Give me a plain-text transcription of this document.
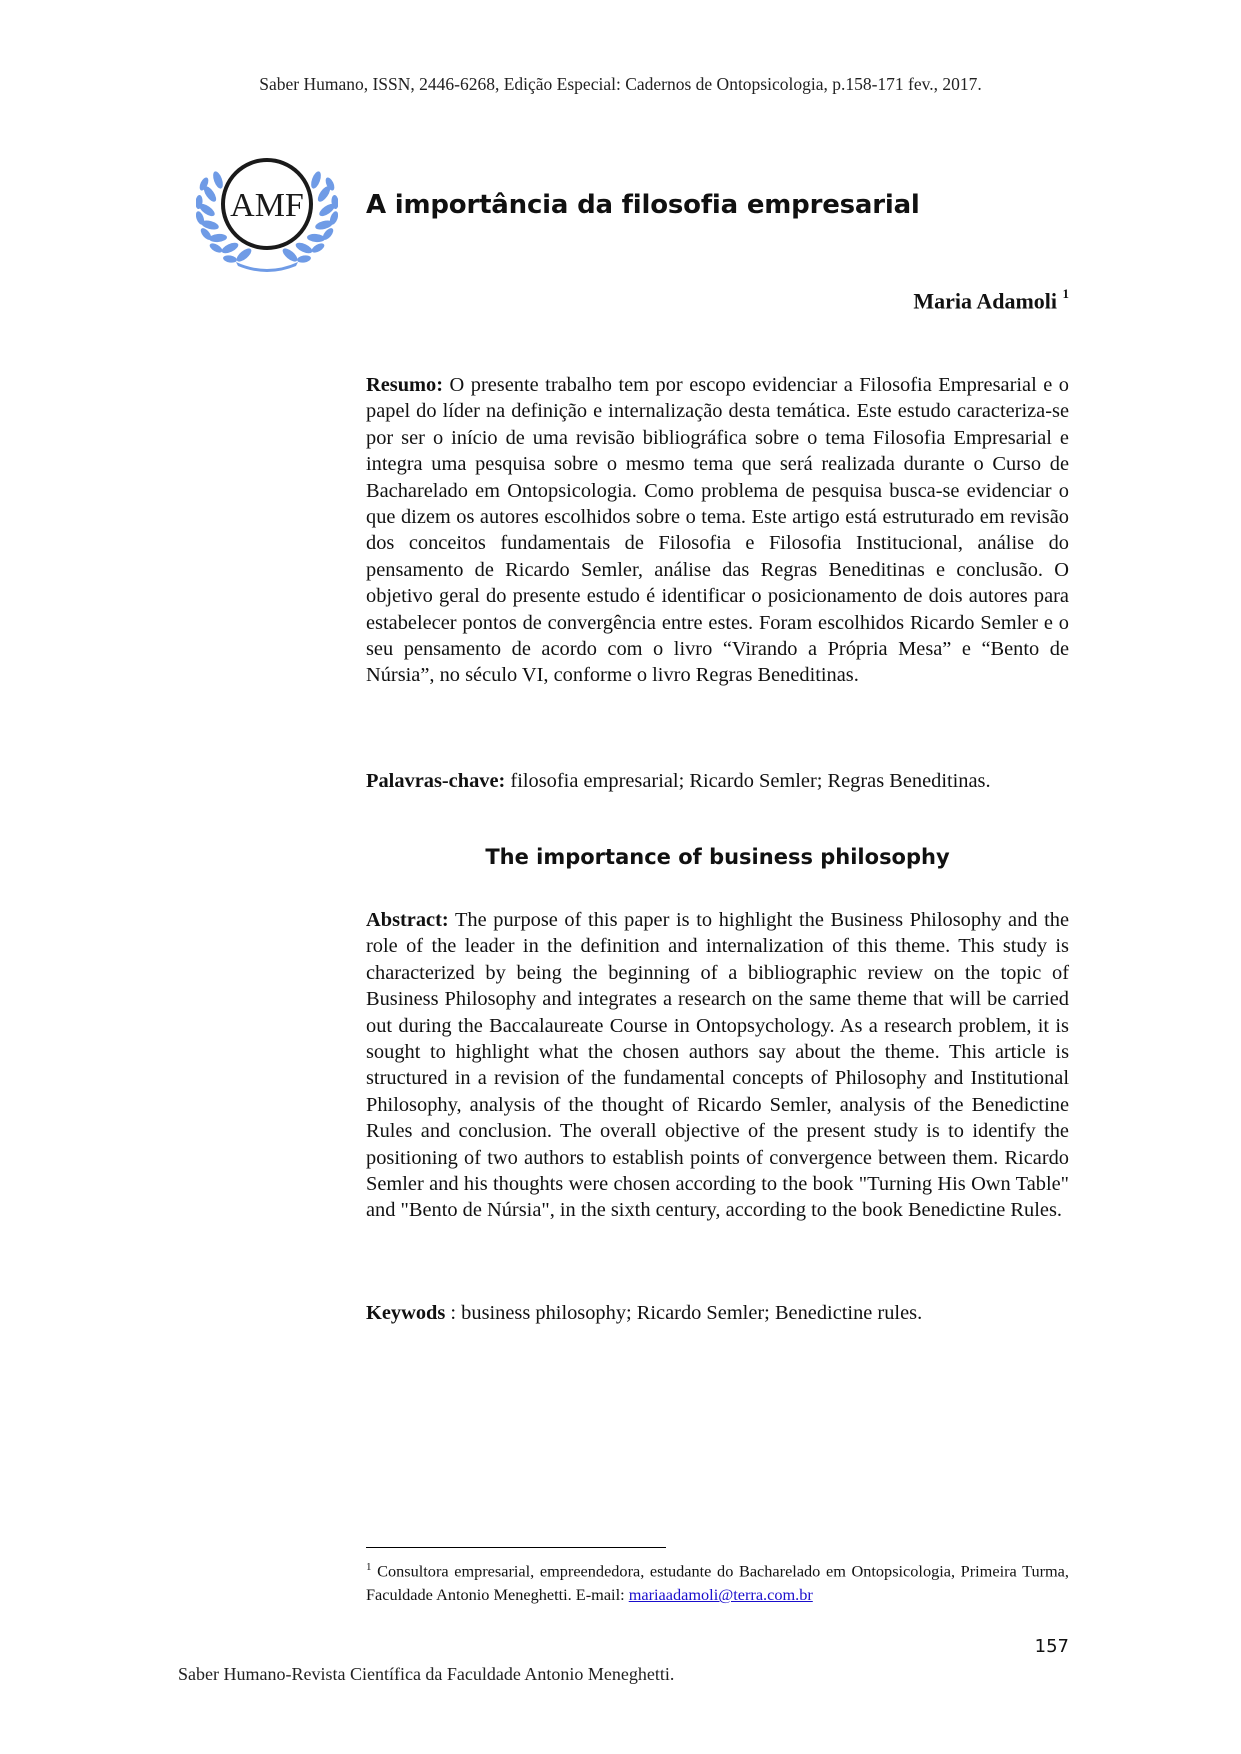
Saber Humano, ISSN, 2446-6268, Edição Especial: Cadernos de Ontopsicologia, p.158-171 fev., 2017.
AMF A importância da filosofia empresarial
Maria Adamoli $^1$
Resumo: O presente trabalho tem por escopo evidenciar a Filosofia Empresarial e o papel do líder na definição e internalização desta temática. Este estudo caracteriza-se por ser o início de uma revisão bibliográfica sobre o tema Filosofia Empresarial e integra uma pesquisa sobre o mesmo tema que será realizada durante o Curso de Bacharelado em Ontopsicologia. Como problema de pesquisa busca-se evidenciar o que dizem os autores escolhidos sobre o tema. Este artigo está estruturado em revisão dos conceitos fundamentais de Filosofia e Filosofia Institucional, análise do pensamento de Ricardo Semler, análise das Regras Beneditinas e conclusão. O objetivo geral do presente estudo é identificar o posicionamento de dois autores para estabelecer pontos de convergência entre estes. Foram escolhidos Ricardo Semler e o seu pensamento de acordo com o livro “Virando a Própria Mesa” e “Bento de Núrsia”, no século VI, conforme o livro Regras Beneditinas.
Palavras-chave: filosofia empresarial; Ricardo Semler; Regras Beneditinas.
The importance of business philosophy
Abstract: The purpose of this paper is to highlight the Business Philosophy and the role of the leader in the definition and internalization of this theme. This study is characterized by being the beginning of a bibliographic review on the topic of Business Philosophy and integrates a research on the same theme that will be carried out during the Baccalaureate Course in Ontopsychology. As a research problem, it is sought to highlight what the chosen authors say about the theme. This article is structured in a revision of the fundamental concepts of Philosophy and Institutional Philosophy, analysis of the thought of Ricardo Semler, analysis of the Benedictine Rules and conclusion. The overall objective of the present study is to identify the positioning of two authors to establish points of convergence between them. Ricardo Semler and his thoughts were chosen according to the book "Turning His Own Table" and "Bento de Núrsia", in the sixth century, according to the book Benedictine Rules.
Keywods : business philosophy; Ricardo Semler; Benedictine rules.
$^1$ Consultora empresarial, empreendedora, estudante do Bacharelado em Ontopsicologia, Primeira Turma, Faculdade Antonio Meneghetti. E-mail: mariaadamoli@terra.com.br
157
Saber Humano-Revista Científica da Faculdade Antonio Meneghetti.
